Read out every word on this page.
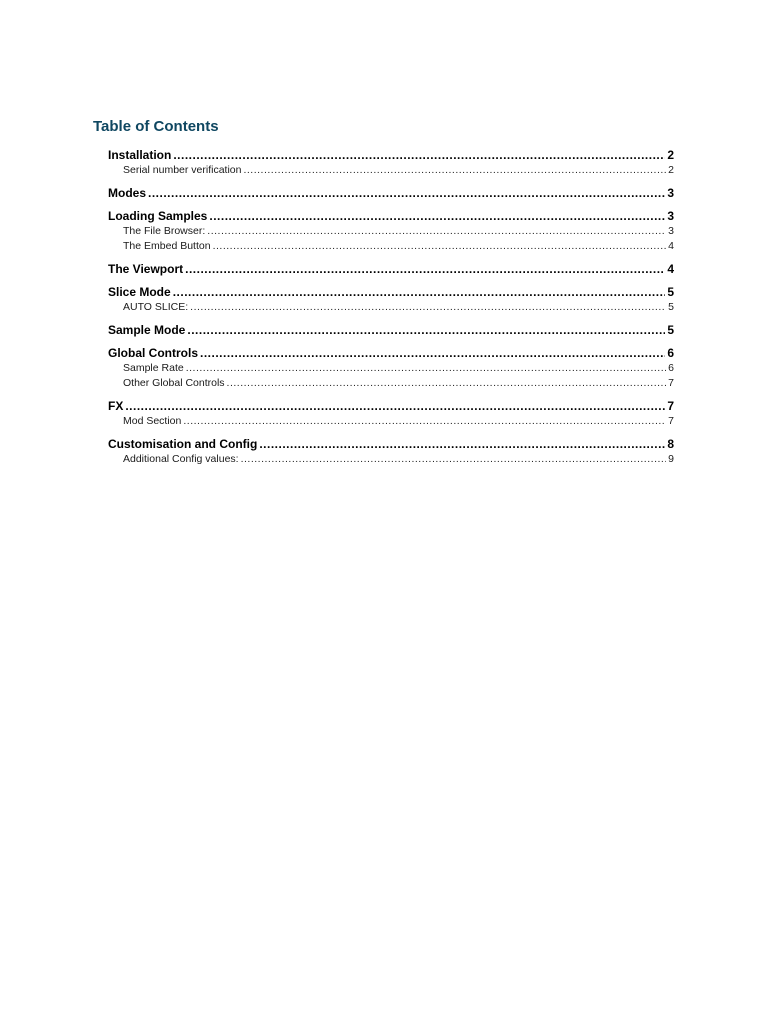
Table of Contents
Installation .....	2
Serial number verification .....	2
Modes .....	3
Loading Samples .....	3
The File Browser: .....	3
The Embed Button .....	4
The Viewport .....	4
Slice Mode .....	5
AUTO SLICE: .....	5
Sample Mode .....	5
Global Controls .....	6
Sample Rate .....	6
Other Global Controls .....	7
FX .....	7
Mod Section .....	7
Customisation and Config .....	8
Additional Config values: .....	9
